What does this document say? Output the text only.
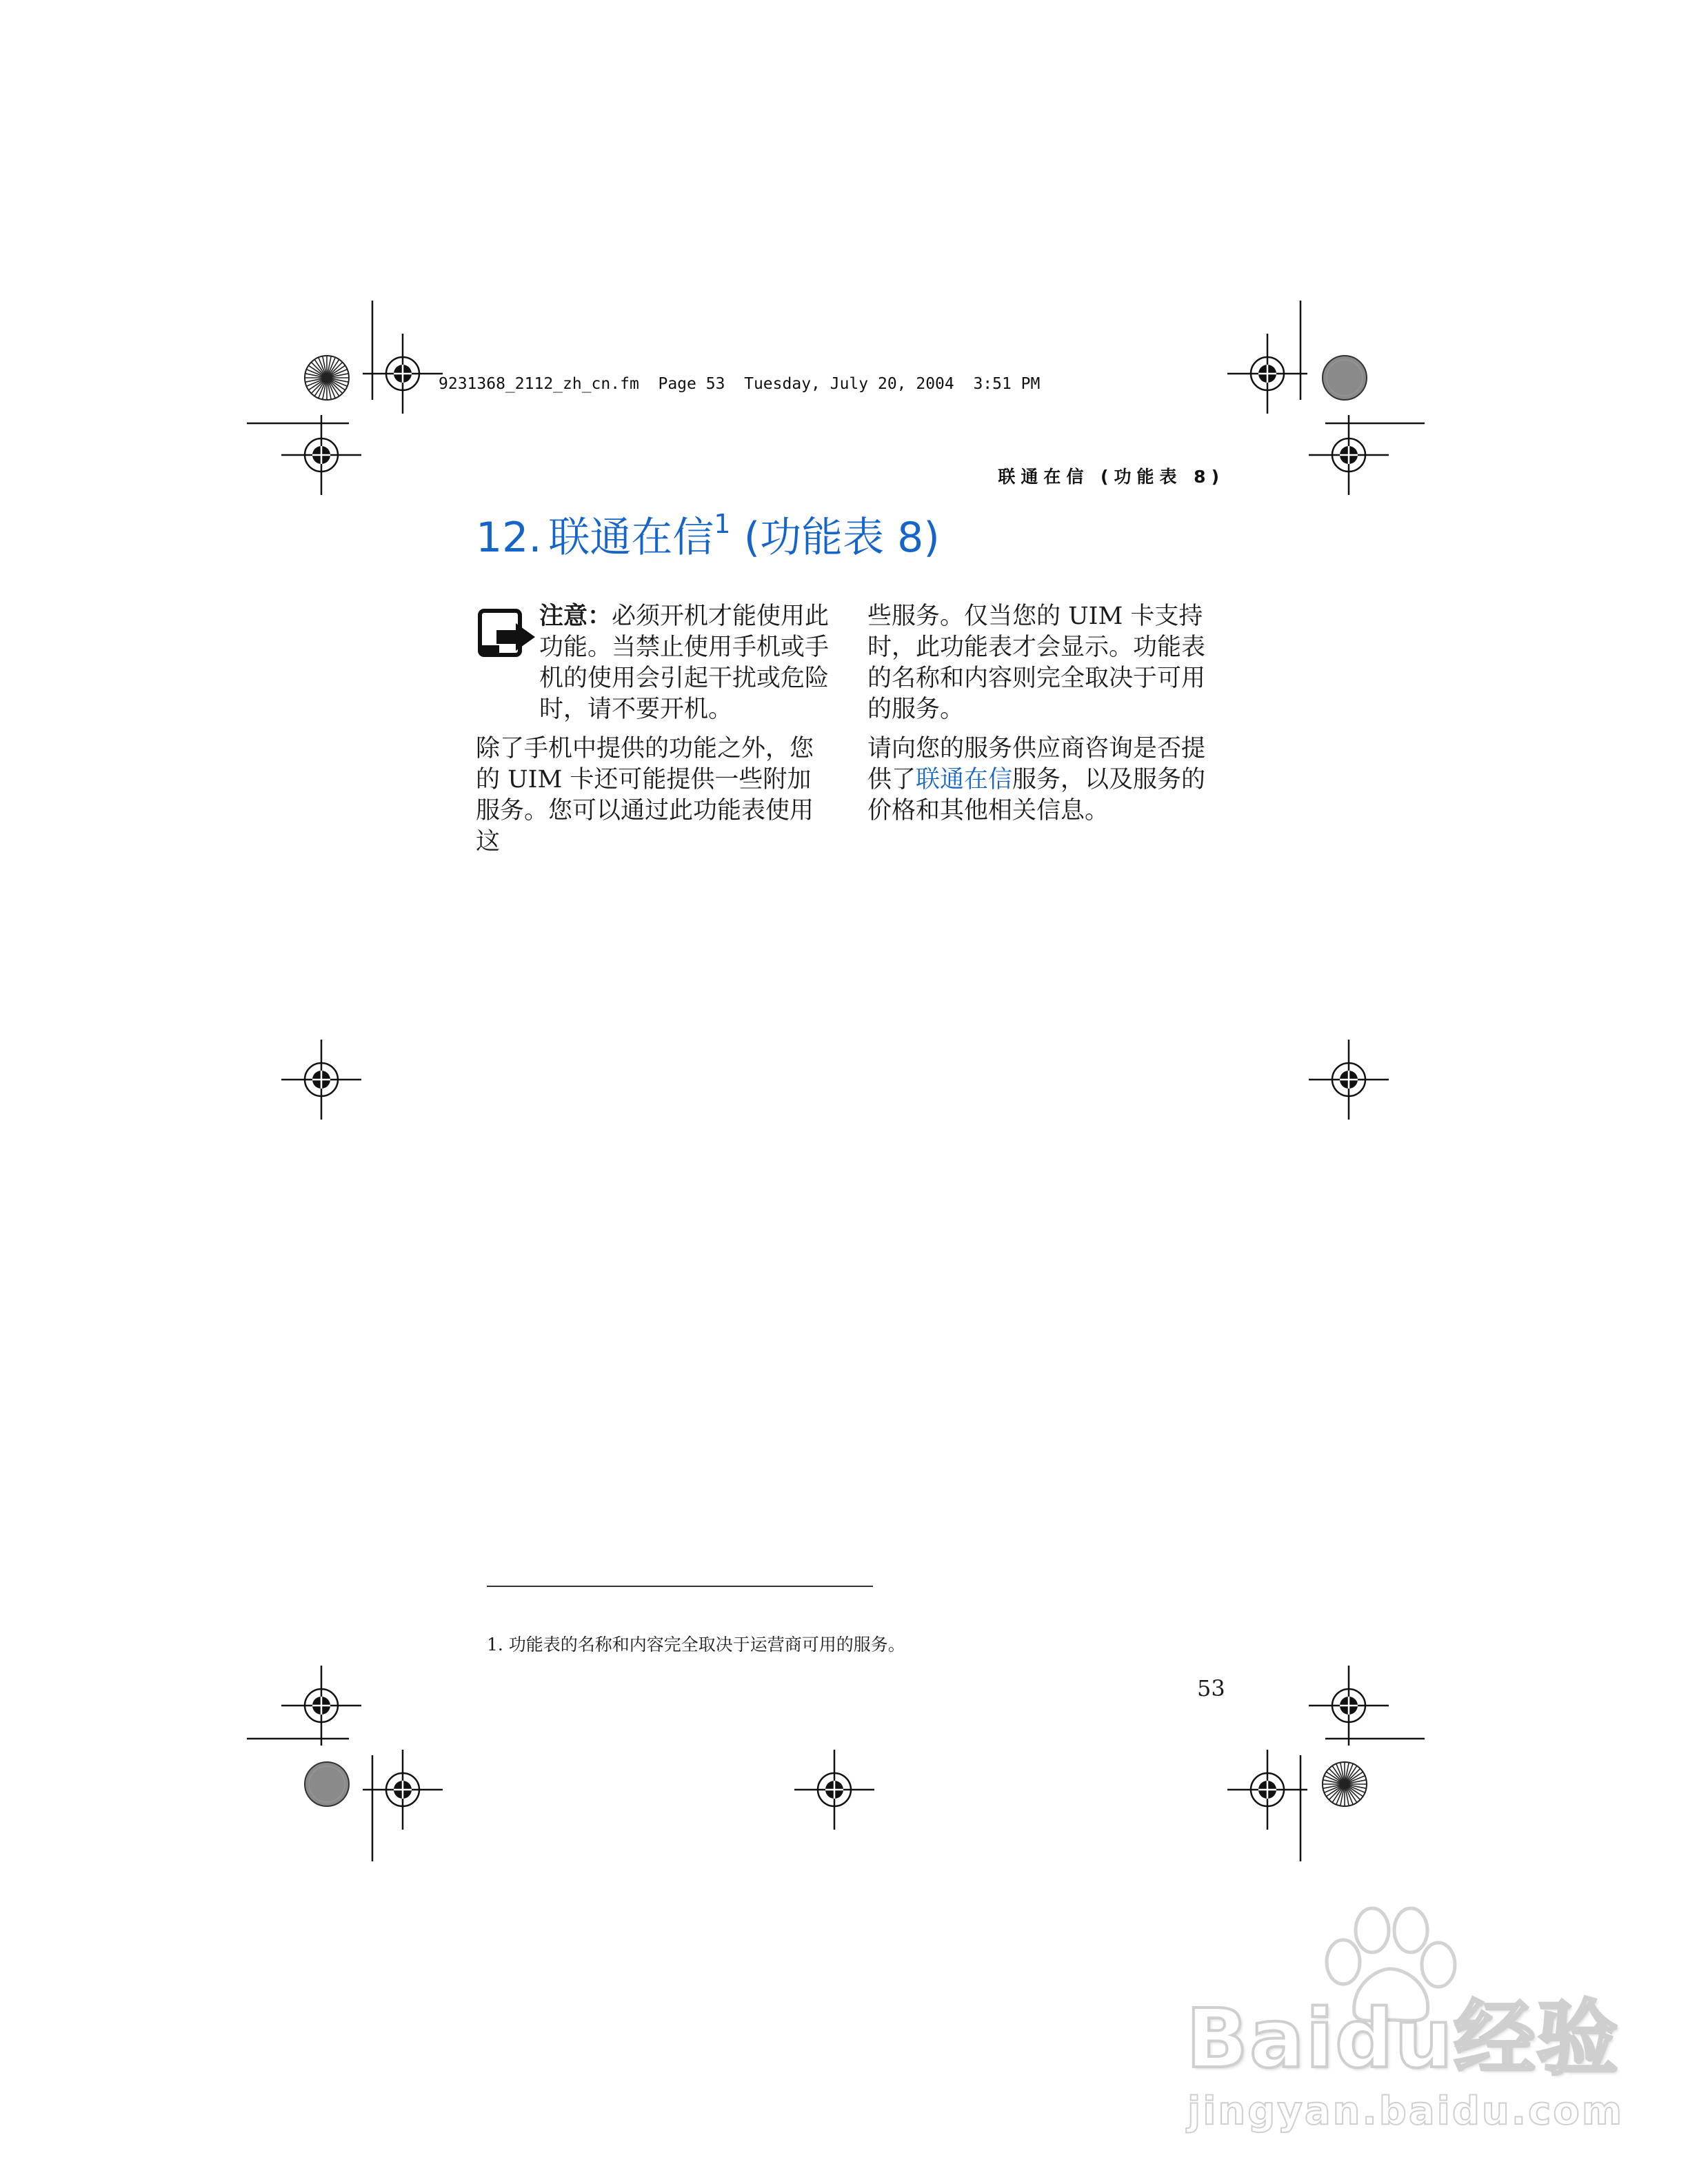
9231368_2112_zh_cn.fm  Page 53  Tuesday, July 20, 2004  3:51 PM
联通在信 (功能表 8)
12. 联通在信$^1$ (功能表 8)
注意：必须开机才能使用此功能。当禁止使用手机或手机的使用会引起干扰或危险时，请不要开机。

除了手机中提供的功能之外，您的 UIM 卡还可能提供一些附加服务。您可以通过此功能表使用这

些服务。仅当您的 UIM 卡支持时，此功能表才会显示。功能表的名称和内容则完全取决于可用的服务。

请向您的服务供应商咨询是否提供了联通在信服务，以及服务的价格和其他相关信息。

1. 功能表的名称和内容完全取决于运营商可用的服务。
53
Baidu经验
jingyan.baidu.com
